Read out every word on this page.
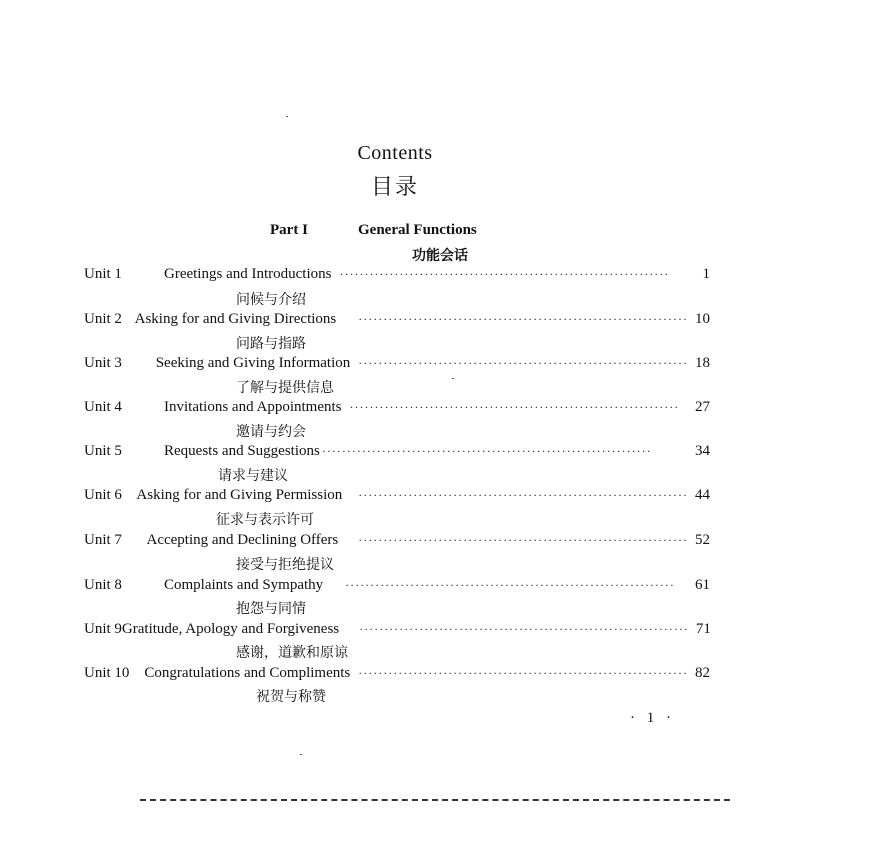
Contents
目录
Part I	General Functions
功能会话
Unit 1	Greetings and Introductions ··································································	1
问候与介绍
Unit 2 Asking for and Giving Directions ·································································· 10
问路与指路
Unit 3	Seeking and Giving Information ·································································· 18
了解与提供信息
Unit 4	Invitations and Appointments ··································································	27
邀请与约会
Unit 5	Requests and Suggestions ··································································	34
请求与建议
Unit 6 Asking for and Giving Permission ·································································· 44
征求与表示许可
Unit 7	Accepting and Declining Offers ·································································· 52
接受与拒绝提议
Unit 8	Complaints and Sympathy ··································································	61
抱怨与同情
Unit 9 Gratitude, Apology and Forgiveness ·································································· 71
感谢，道歉和原谅
Unit 10	Congratulations and Compliments ·································································· 82
祝贺与称赞
· 1 ·
